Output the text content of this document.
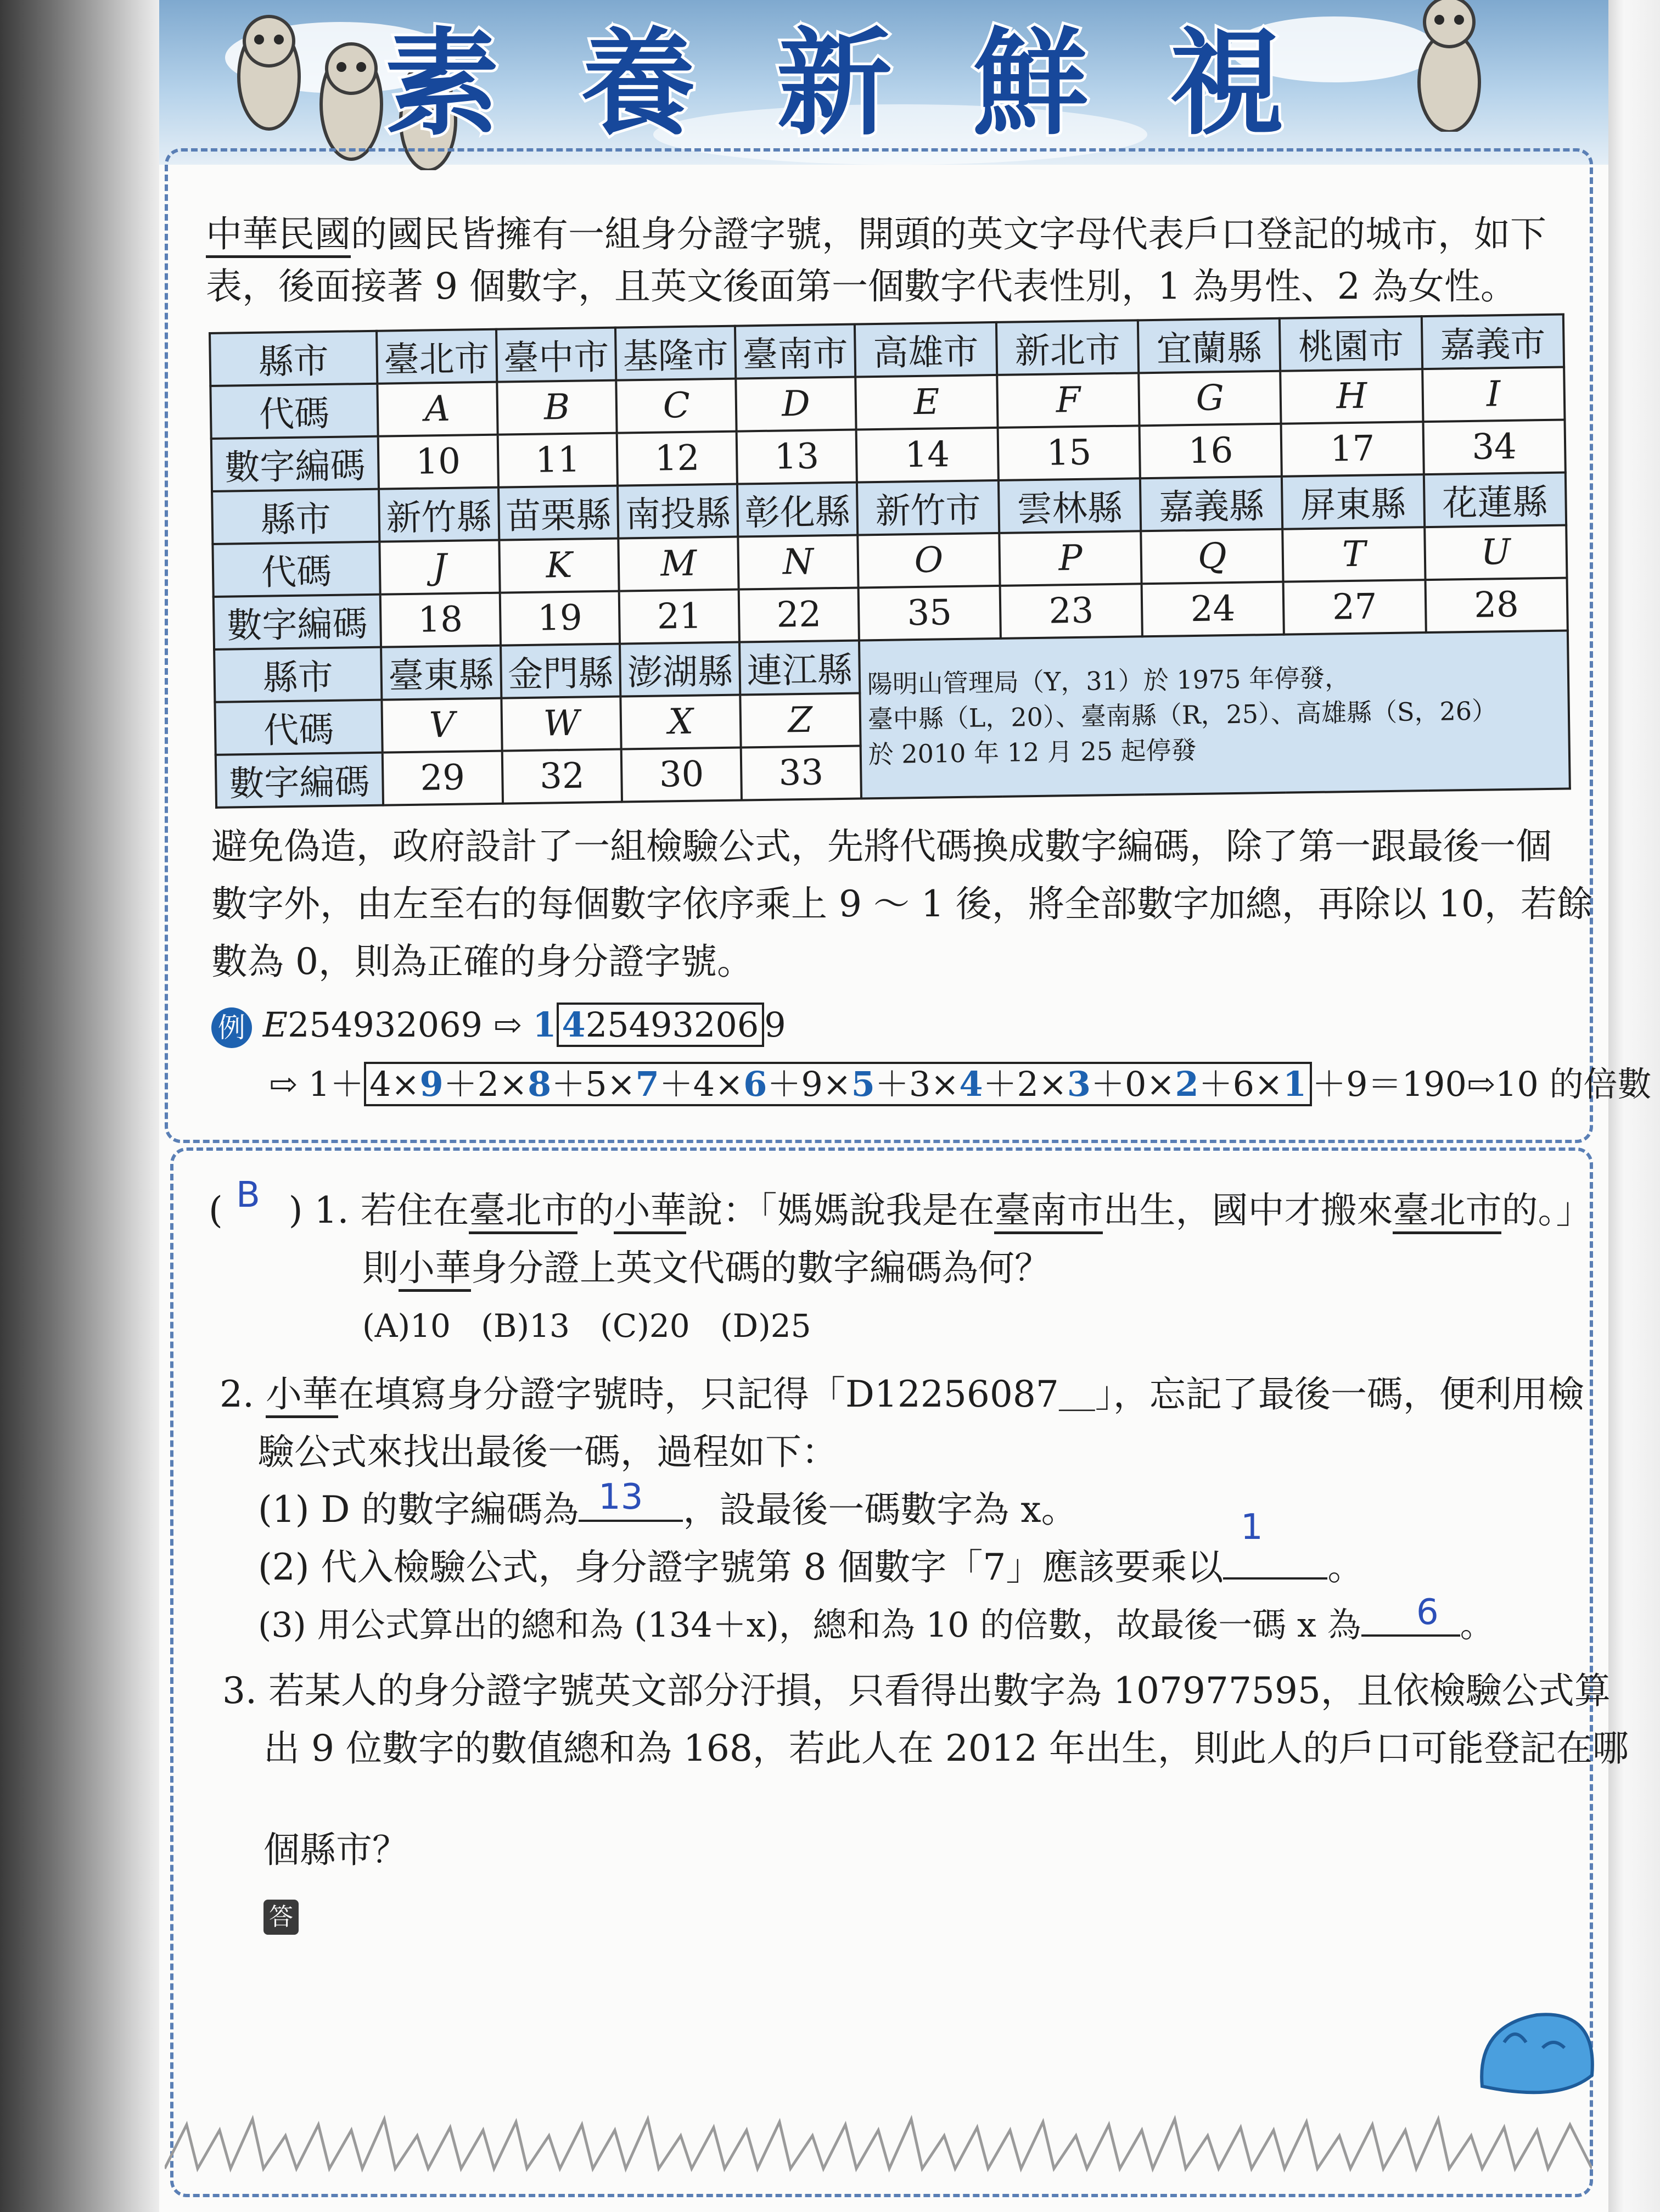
素 養 新 鮮 視
中華民國的國民皆擁有一組身分證字號，開頭的英文字母代表戶口登記的城市，如下
表，後面接著 9 個數字，且英文後面第一個數字代表性別，1 為男性、2 為女性。
縣市	臺北市	臺中市	基隆市	臺南市	高雄市	新北市	宜蘭縣	桃園市	嘉義市
代碼	A	B	C	D	E	F	G	H	I
數字編碼	10	11	12	13	14	15	16	17	34
縣市	新竹縣	苗栗縣	南投縣	彰化縣	新竹市	雲林縣	嘉義縣	屏東縣	花蓮縣
代碼	J	K	M	N	O	P	Q	T	U
數字編碼	18	19	21	22	35	23	24	27	28
縣市	臺東縣	金門縣	澎湖縣	連江縣	陽明山管理局（Y，31）於 1975 年停發，
臺中縣（L，20）、臺南縣（R，25）、高雄縣（S，26）
於 2010 年 12 月 25 起停發				

代碼	V	W	X	Z					
數字編碼	29	32	30	33					
避免偽造，政府設計了一組檢驗公式，先將代碼換成數字編碼，除了第一跟最後一個
數字外，由左至右的每個數字依序乘上 9 ～ 1 後，將全部數字加總，再除以 10，若餘
數為 0，則為正確的身分證字號。
例 E254932069 ⇨ 1 425493206 9
⇨ 1＋ 4×9＋2×8＋5×7＋4×6＋9×5＋3×4＋2×3＋0×2＋6×1 ＋9＝190⇨10 的倍數
( ) 1. 若住在臺北市的小華說：「媽媽說我是在臺南市出生，國中才搬來臺北市的。」
B
則小華身分證上英文代碼的數字編碼為何？
(A)10 (B)13 (C)20 (D)25
2. 小華在填寫身分證字號時，只記得「D12256087＿」，忘記了最後一碼，便利用檢
驗公式來找出最後一碼，過程如下：
(1) D 的數字編碼為	，設最後一碼數字為 x。
13
(2) 代入檢驗公式，身分證字號第 8 個數字「7」應該要乘以	。
1
(3) 用公式算出的總和為 (134＋x)，總和為 10 的倍數，故最後一碼 x 為	。
6
3. 若某人的身分證字號英文部分汙損，只看得出數字為 107977595，且依檢驗公式算
出 9 位數字的數值總和為 168，若此人在 2012 年出生，則此人的戶口可能登記在哪
個縣市？
答
